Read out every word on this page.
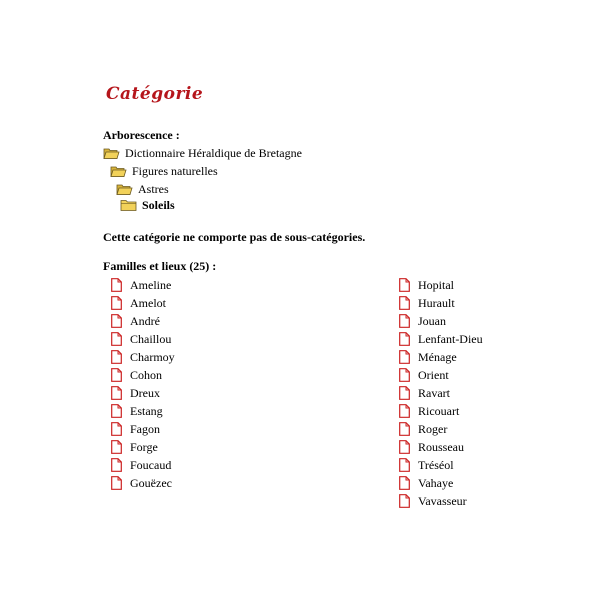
Catégorie
Arborescence :
Dictionnaire Héraldique de Bretagne
Figures naturelles
Astres
Soleils
Cette catégorie ne comporte pas de sous-catégories.
Familles et lieux (25) :
Ameline
Amelot
André
Chaillou
Charmoy
Cohon
Dreux
Estang
Fagon
Forge
Foucaud
Gouëzec
Hopital
Hurault
Jouan
Lenfant-Dieu
Ménage
Orient
Ravart
Ricouart
Roger
Rousseau
Tréséol
Vahaye
Vavasseur
